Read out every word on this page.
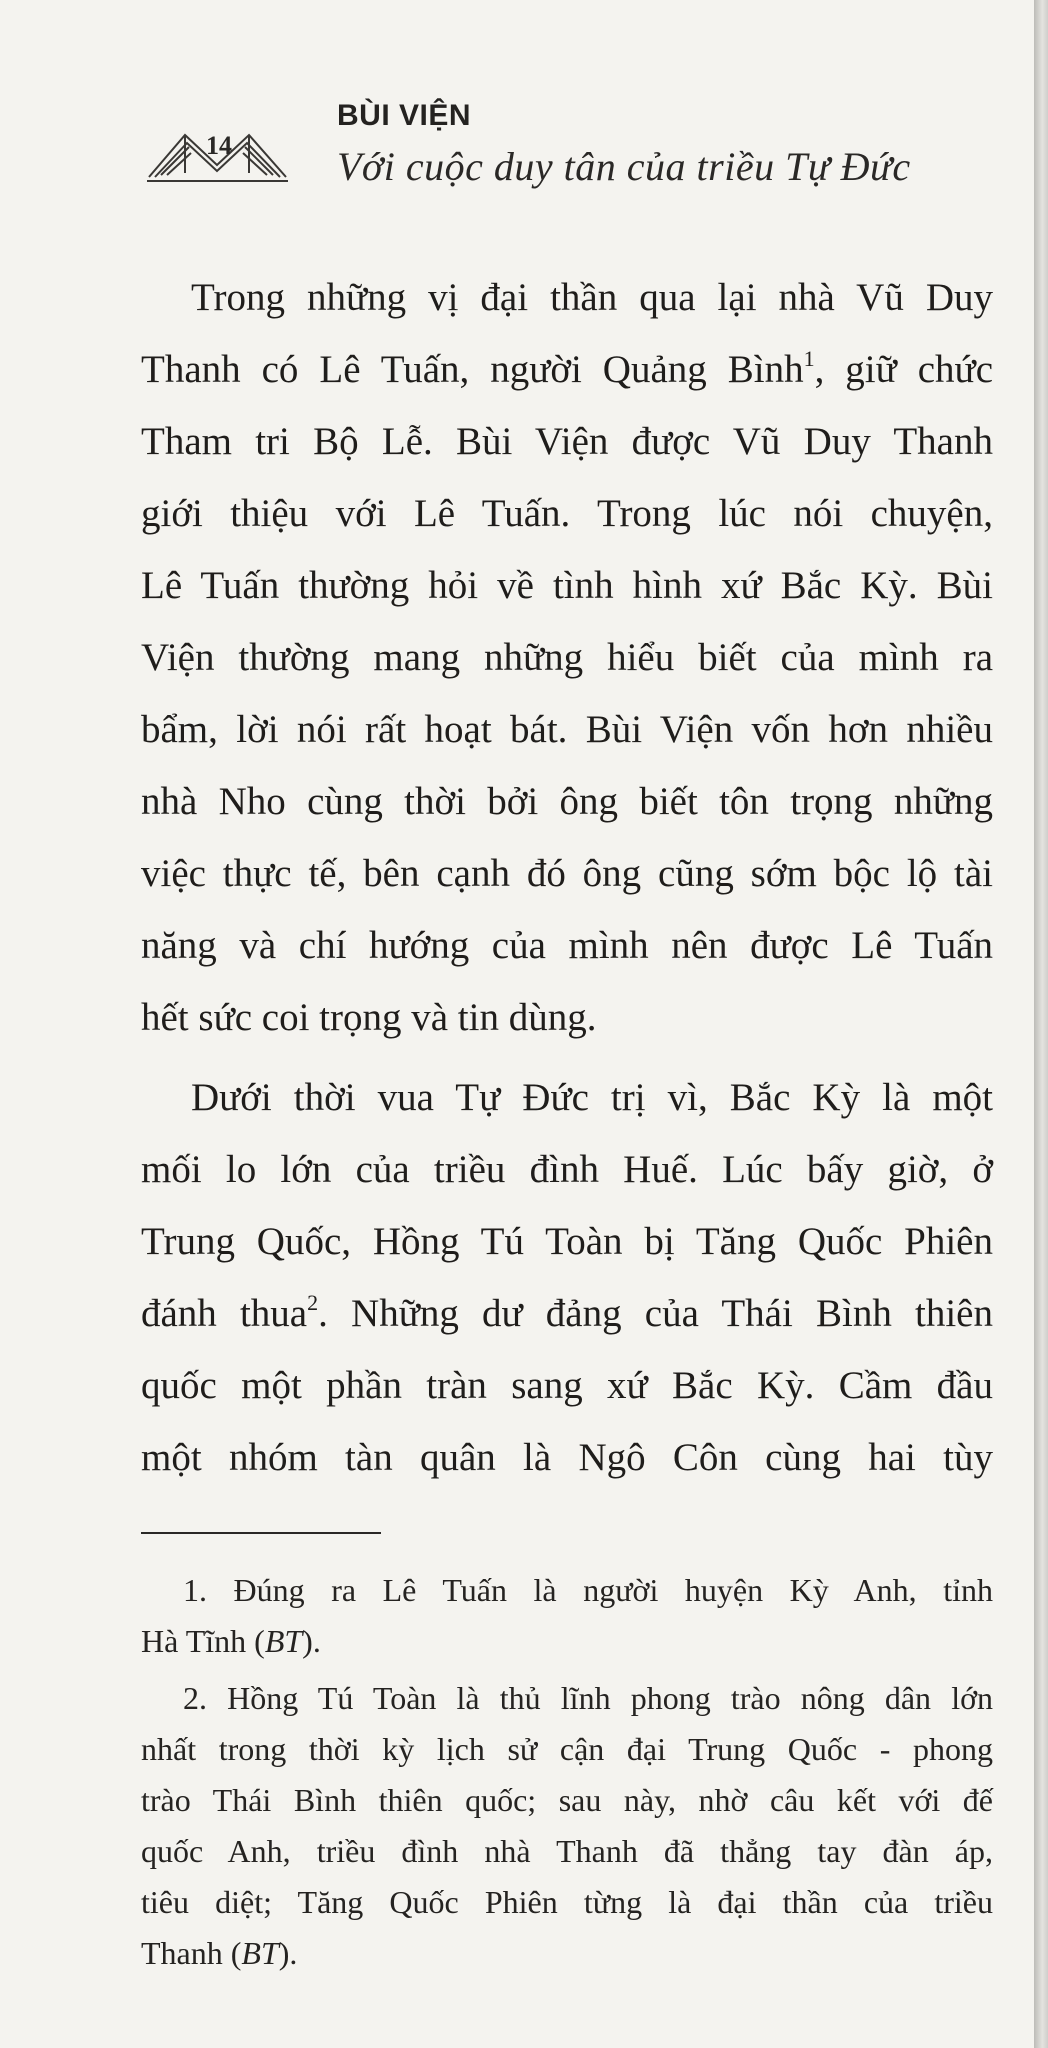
14
BÙI VIỆN
Với cuộc duy tân của triều Tự Đức
Trong những vị đại thần qua lại nhà Vũ Duy
Thanh có Lê Tuấn, người Quảng Bình$^1$, giữ chức
Tham tri Bộ Lễ. Bùi Viện được Vũ Duy Thanh
giới thiệu với Lê Tuấn. Trong lúc nói chuyện,
Lê Tuấn thường hỏi về tình hình xứ Bắc Kỳ. Bùi
Viện thường mang những hiểu biết của mình ra
bẩm, lời nói rất hoạt bát. Bùi Viện vốn hơn nhiều
nhà Nho cùng thời bởi ông biết tôn trọng những
việc thực tế, bên cạnh đó ông cũng sớm bộc lộ tài
năng và chí hướng của mình nên được Lê Tuấn
hết sức coi trọng và tin dùng.
Dưới thời vua Tự Đức trị vì, Bắc Kỳ là một
mối lo lớn của triều đình Huế. Lúc bấy giờ, ở
Trung Quốc, Hồng Tú Toàn bị Tăng Quốc Phiên
đánh thua$^2$. Những dư đảng của Thái Bình thiên
quốc một phần tràn sang xứ Bắc Kỳ. Cầm đầu
một nhóm tàn quân là Ngô Côn cùng hai tùy
1. Đúng ra Lê Tuấn là người huyện Kỳ Anh, tỉnh
Hà Tĩnh (BT).
2. Hồng Tú Toàn là thủ lĩnh phong trào nông dân lớn
nhất trong thời kỳ lịch sử cận đại Trung Quốc - phong
trào Thái Bình thiên quốc; sau này, nhờ câu kết với đế
quốc Anh, triều đình nhà Thanh đã thẳng tay đàn áp,
tiêu diệt; Tăng Quốc Phiên từng là đại thần của triều
Thanh (BT).
